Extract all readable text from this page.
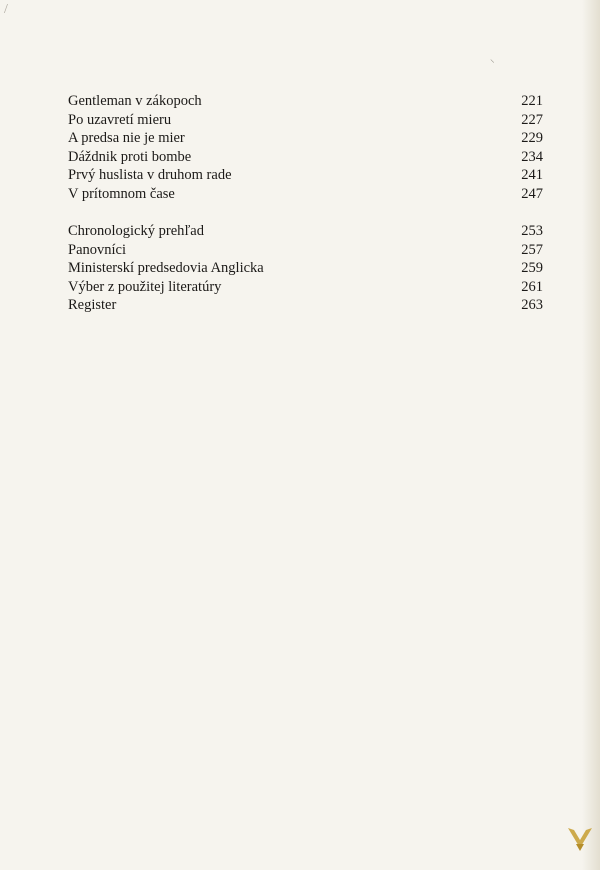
/
⸜
Gentleman v zákopoch	221
Po uzavretí mieru	227
A predsa nie je mier	229
Dáždnik proti bombe	234
Prvý huslista v druhom rade	241
V prítomnom čase	247
Chronologický prehľad	253
Panovníci	257
Ministerskí predsedovia Anglicka	259
Výber z použitej literatúry	261
Register	263
